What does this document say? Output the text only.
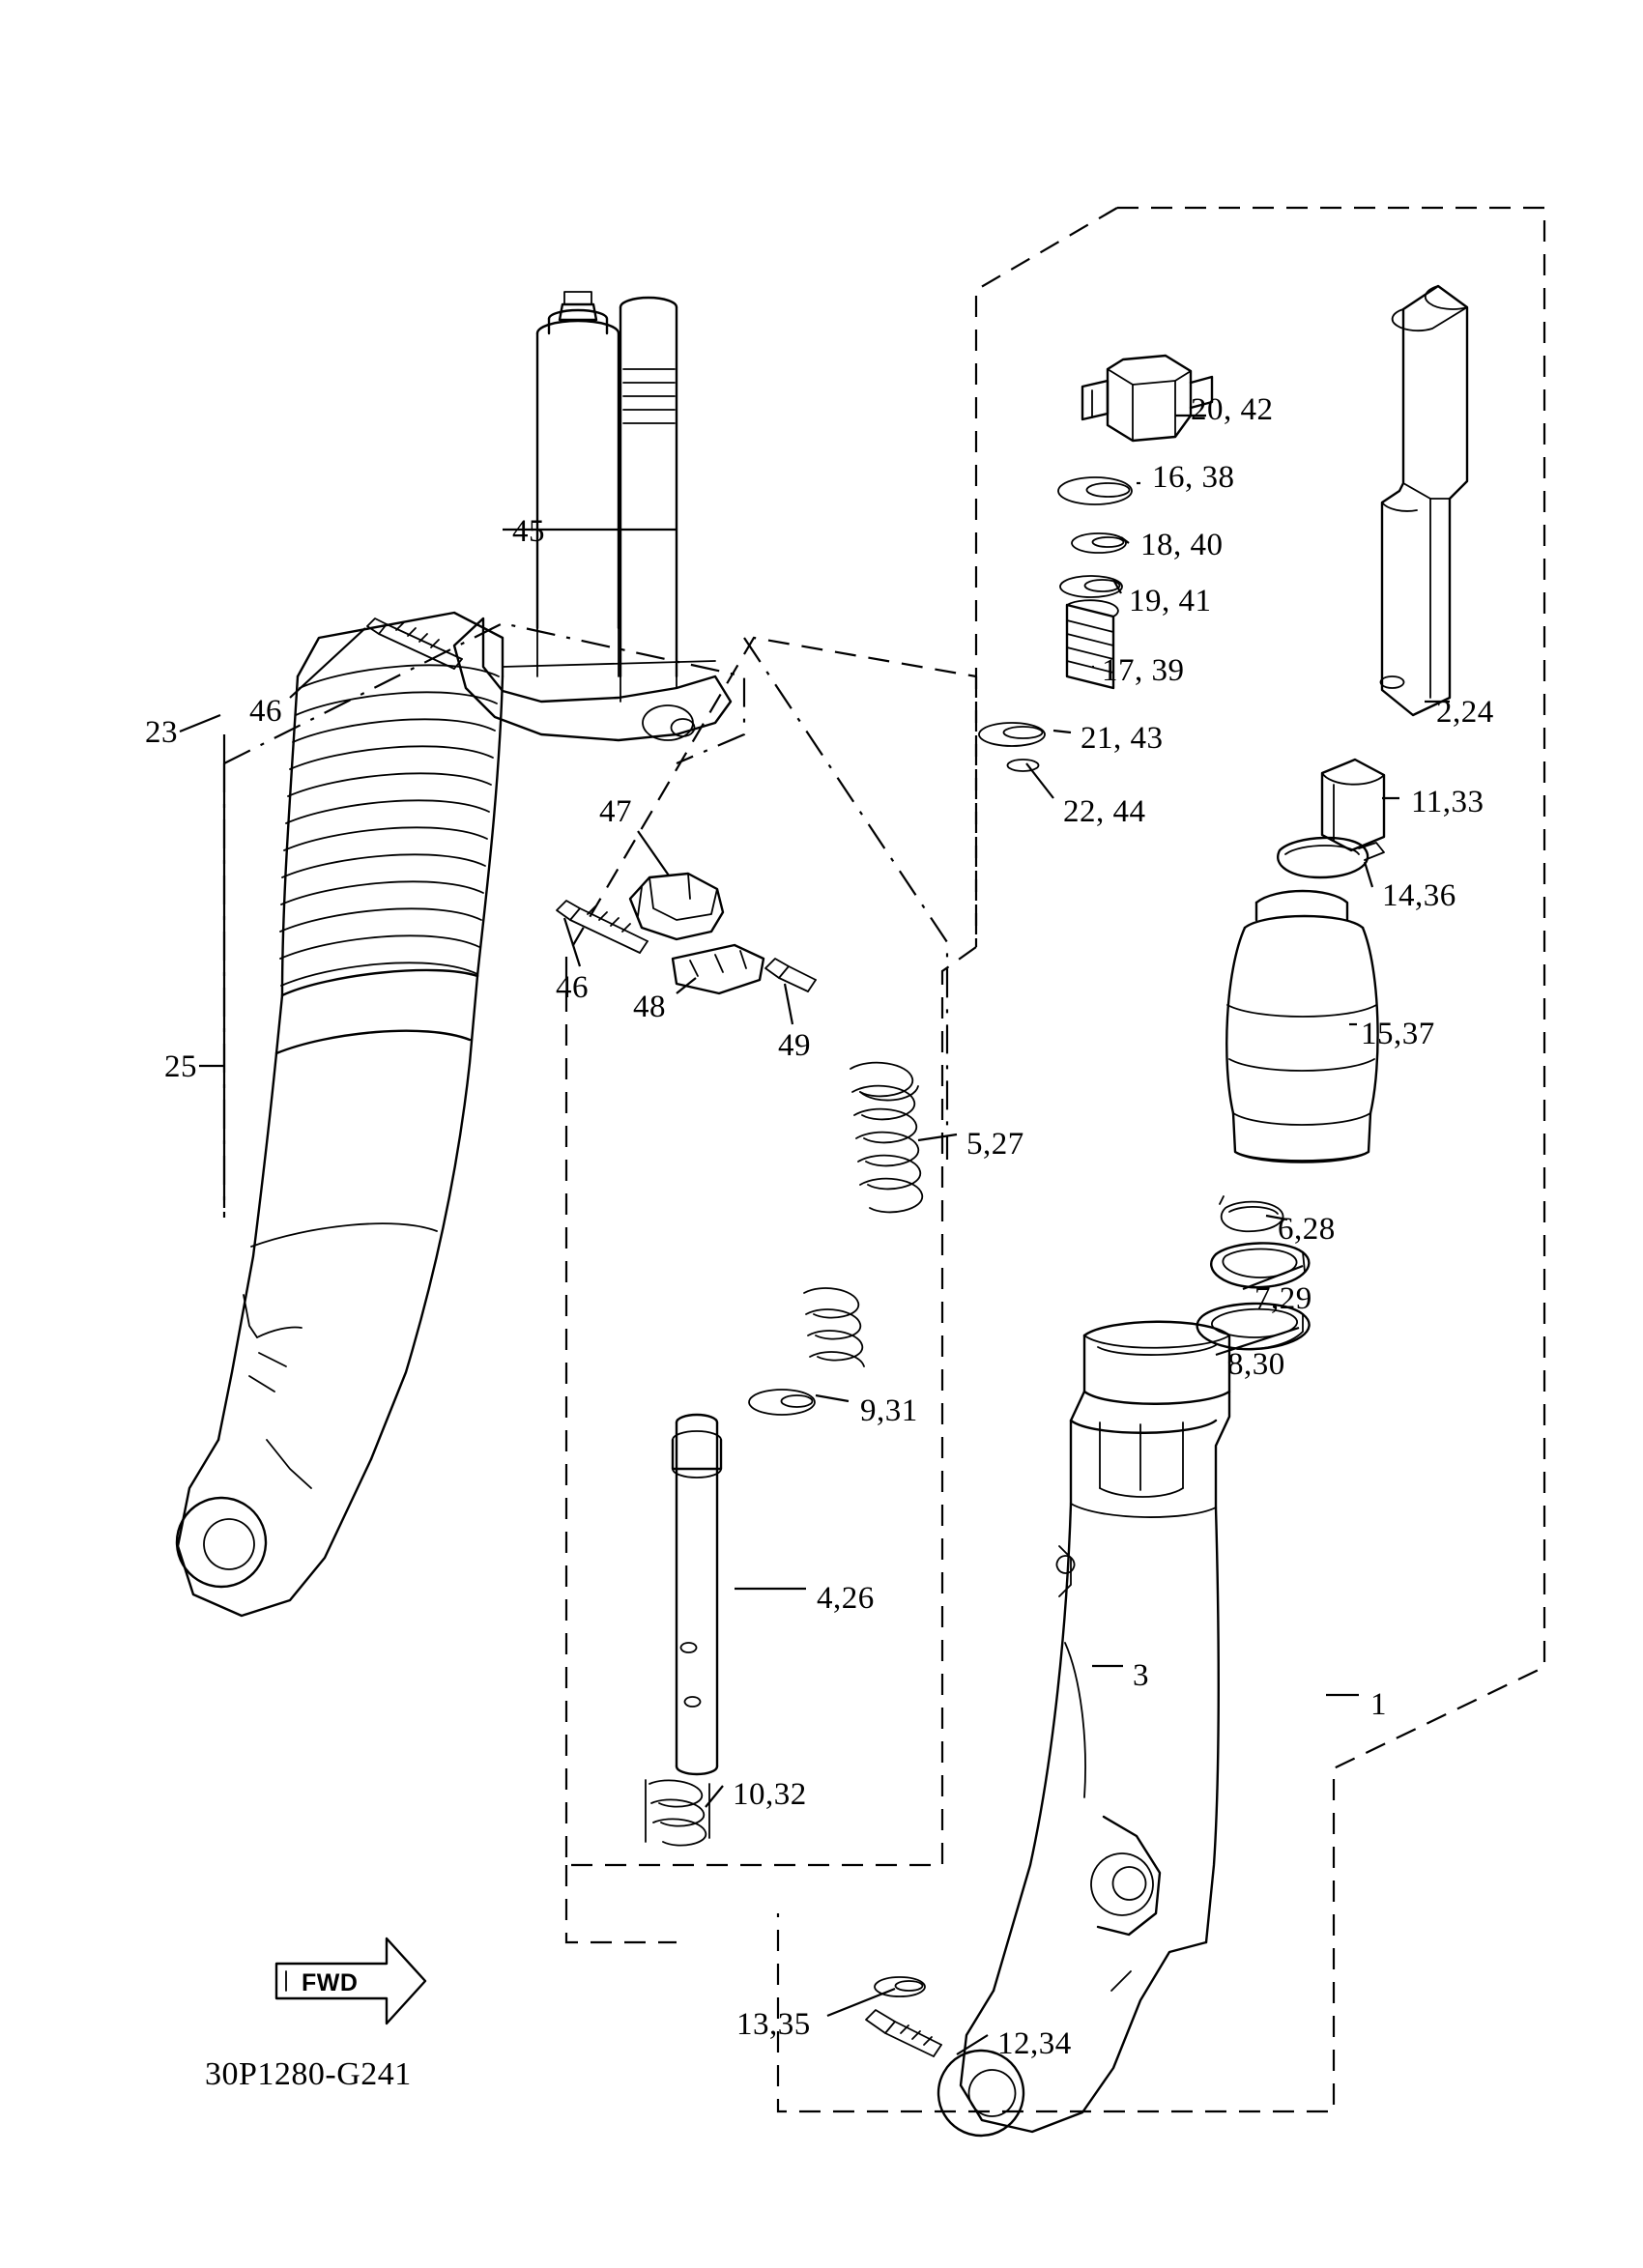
45
23
46
25
47
46
48
49
20, 42
16, 38
18, 40
19, 41
17, 39
21, 43
22, 44
2,24
11,33
14,36
15,37
6,28
7,29
8,30
5,27
9,31
4,26
10,32
3
1
13,35
12,34
FWD
30P1280-G241
